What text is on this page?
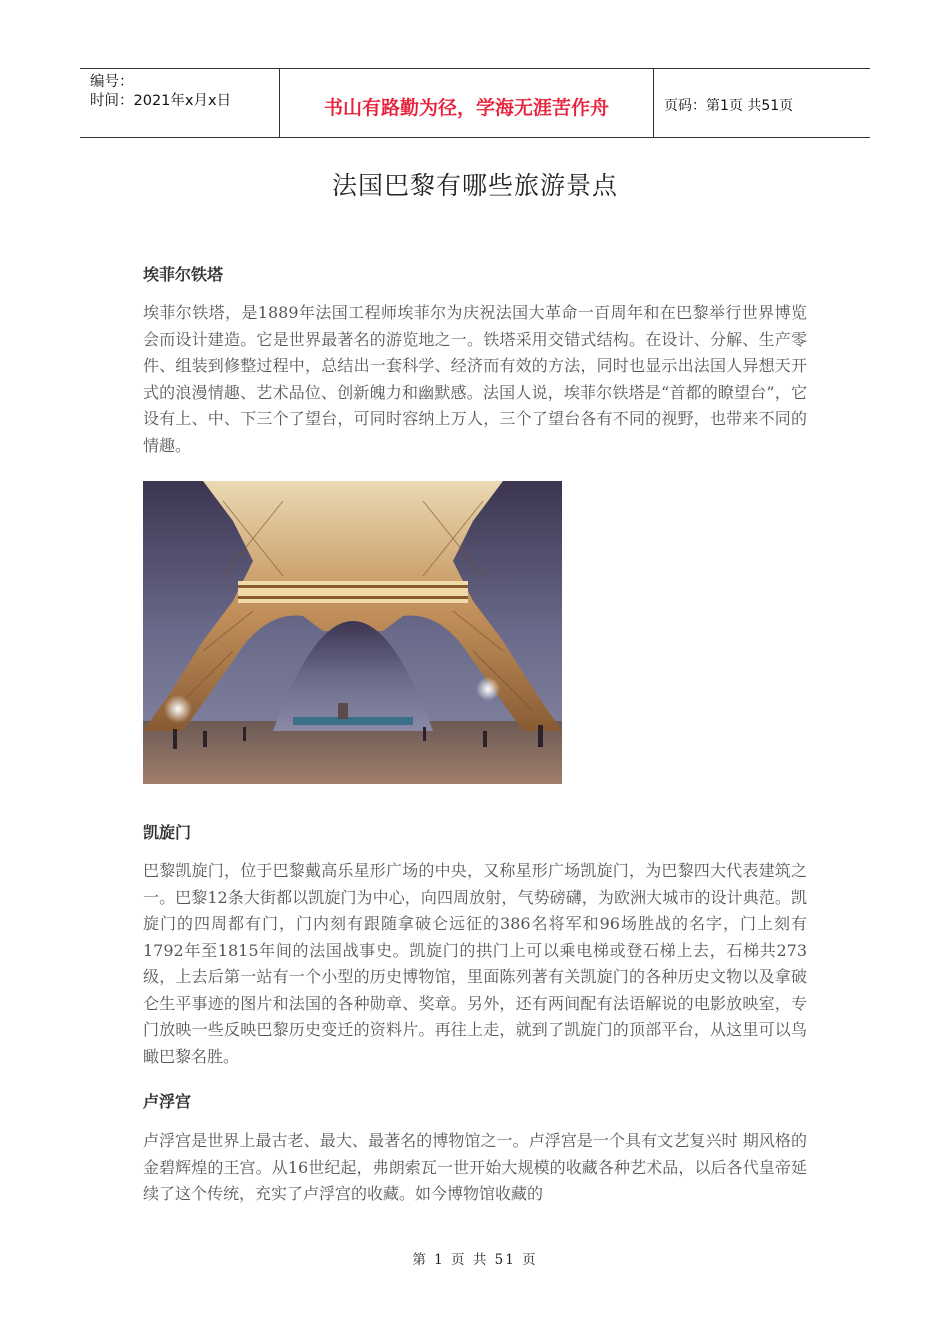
编号：
时间：2021年x月x日	书山有路勤为径，学海无涯苦作舟	页码：第1页 共51页
法国巴黎有哪些旅游景点
埃菲尔铁塔
埃菲尔铁塔，是1889年法国工程师埃菲尔为庆祝法国大革命一百周年和在巴黎举行世界博览会而设计建造。它是世界最著名的游览地之一。铁塔采用交错式结构。在设计、分解、生产零件、组装到修整过程中，总结出一套科学、经济而有效的方法，同时也显示出法国人异想天开式的浪漫情趣、艺术品位、创新魄力和幽默感。法国人说，埃菲尔铁塔是“首都的瞭望台”，它设有上、中、下三个了望台，可同时容纳上万人，三个了望台各有不同的视野，也带来不同的情趣。
凯旋门
巴黎凯旋门，位于巴黎戴高乐星形广场的中央，又称星形广场凯旋门，为巴黎四大代表建筑之一。巴黎12条大街都以凯旋门为中心，向四周放射，气势磅礴，为欧洲大城市的设计典范。凯旋门的四周都有门，门内刻有跟随拿破仑远征的386名将军和96场胜战的名字，门上刻有1792年至1815年间的法国战事史。凯旋门的拱门上可以乘电梯或登石梯上去，石梯共273级，上去后第一站有一个小型的历史博物馆，里面陈列著有关凯旋门的各种历史文物以及拿破仑生平事迹的图片和法国的各种勋章、奖章。另外，还有两间配有法语解说的电影放映室，专门放映一些反映巴黎历史变迁的资料片。再往上走，就到了凯旋门的顶部平台，从这里可以鸟瞰巴黎名胜。
卢浮宫
卢浮宫是世界上最古老、最大、最著名的博物馆之一。卢浮宫是一个具有文艺复兴时 期风格的金碧辉煌的王宫。从16世纪起，弗朗索瓦一世开始大规模的收藏各种艺术品，以后各代皇帝延续了这个传统，充实了卢浮宫的收藏。如今博物馆收藏的
第 1 页 共 51 页
